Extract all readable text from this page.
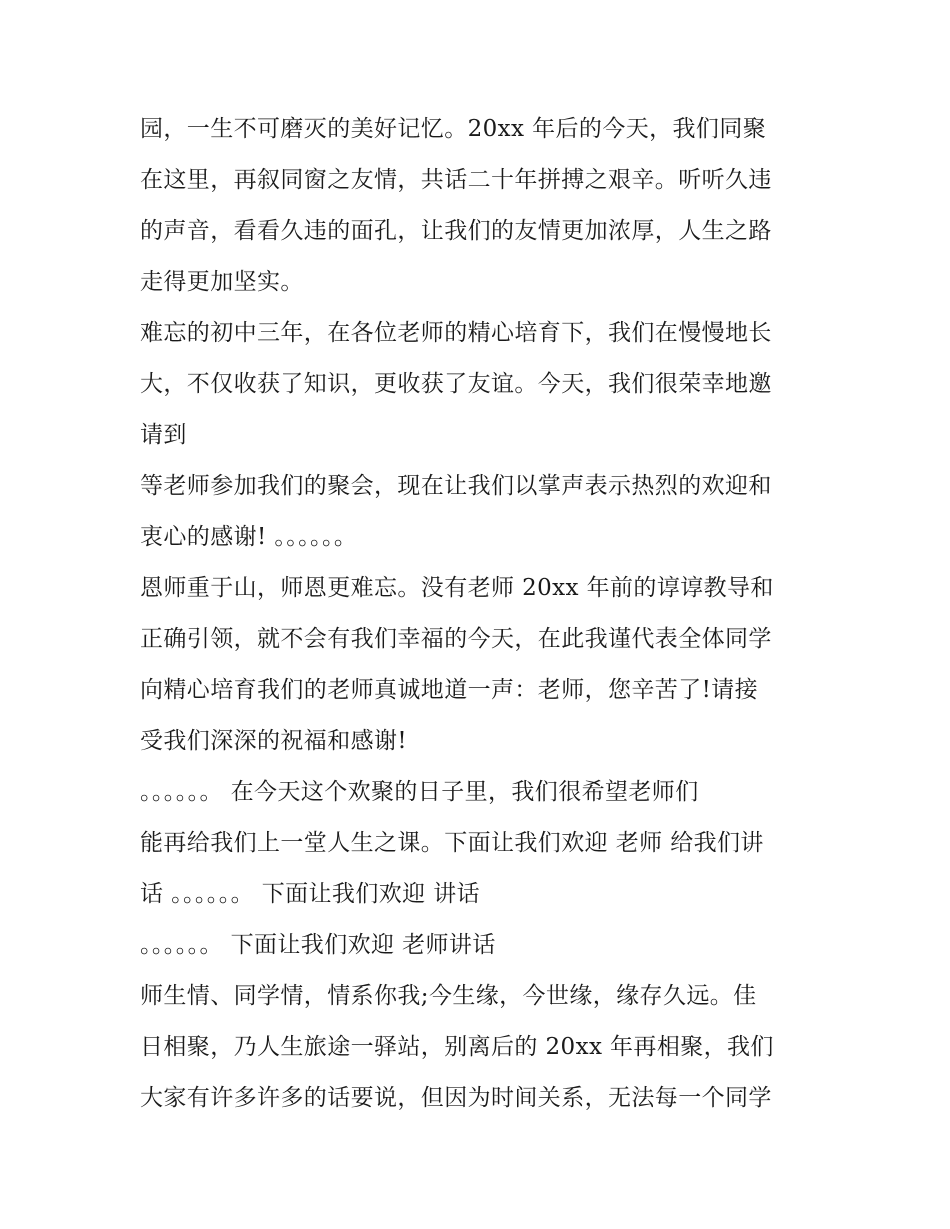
园，一生不可磨灭的美好记忆。20xx 年后的今天，我们同聚
在这里，再叙同窗之友情，共话二十年拼搏之艰辛。听听久违
的声音，看看久违的面孔，让我们的友情更加浓厚，人生之路
走得更加坚实。
难忘的初中三年，在各位老师的精心培育下，我们在慢慢地长
大，不仅收获了知识，更收获了友谊。今天，我们很荣幸地邀
请到
等老师参加我们的聚会，现在让我们以掌声表示热烈的欢迎和
衷心的感谢! 。。。。。。
恩师重于山，师恩更难忘。没有老师 20xx 年前的谆谆教导和
正确引领，就不会有我们幸福的今天，在此我谨代表全体同学
向精心培育我们的老师真诚地道一声：老师，您辛苦了!请接
受我们深深的祝福和感谢!
。。。。。。 在今天这个欢聚的日子里，我们很希望老师们
能再给我们上一堂人生之课。下面让我们欢迎 老师 给我们讲
话 。。。。。。 下面让我们欢迎 讲话
。。。。。。 下面让我们欢迎 老师讲话
师生情、同学情，情系你我;今生缘，今世缘，缘存久远。佳
日相聚，乃人生旅途一驿站，别离后的 20xx 年再相聚，我们
大家有许多许多的话要说，但因为时间关系，无法每一个同学
